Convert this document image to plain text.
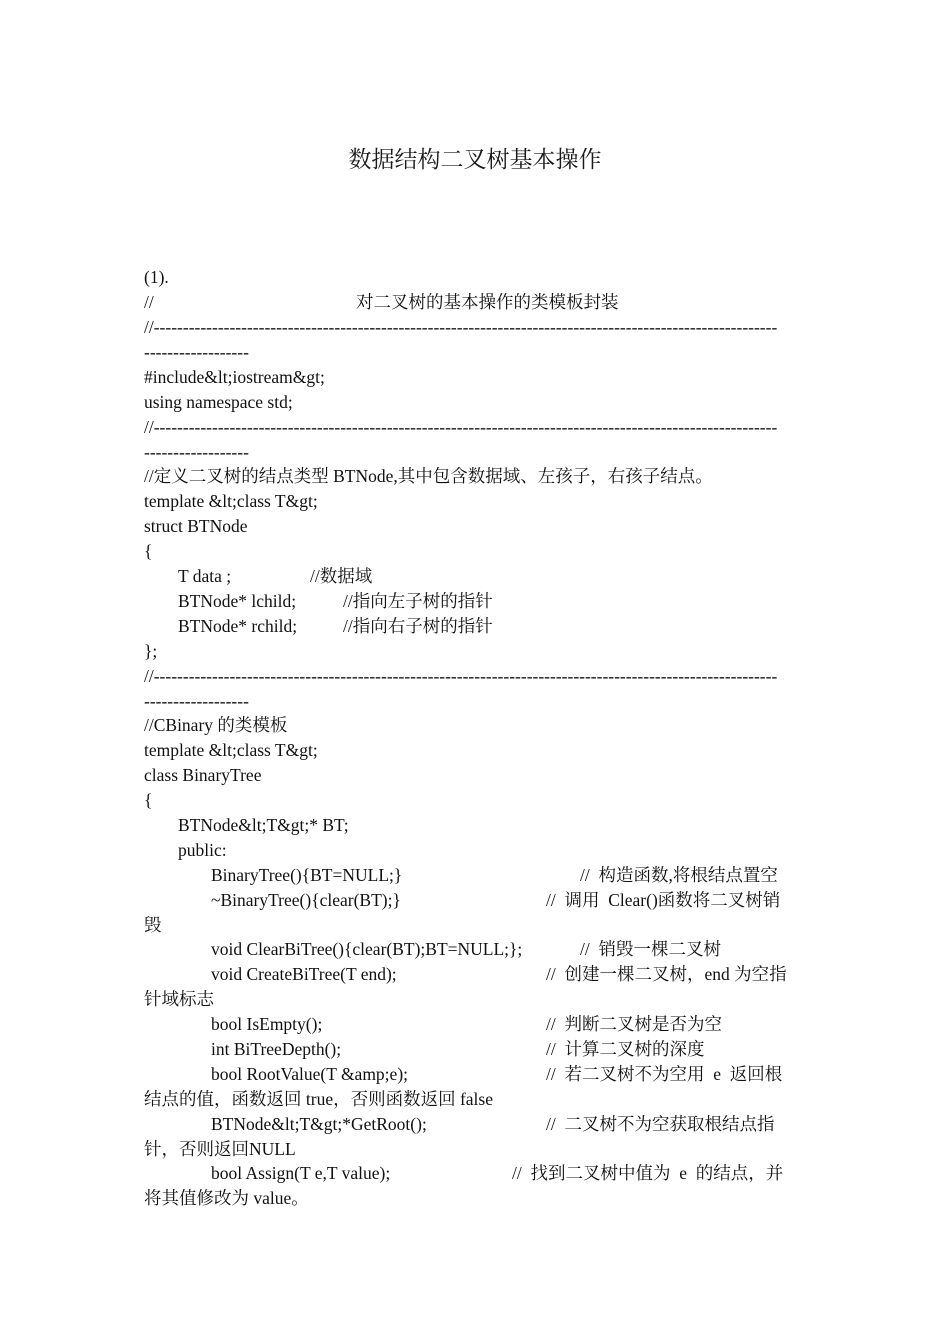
数据结构二叉树基本操作
(1).
//	对二叉树的基本操作的类模板封装
//-----------------------------------------------------------------------------------------------------------
------------------
#include&lt;iostream&gt;
using namespace std;
//-----------------------------------------------------------------------------------------------------------
------------------
//定义二叉树的结点类型 BTNode,其中包含数据域、左孩子，右孩子结点。
template &lt;class T&gt;
struct BTNode
{
T data ;	//数据域
BTNode* lchild;	//指向左子树的指针
BTNode* rchild;	//指向右子树的指针
};
//-----------------------------------------------------------------------------------------------------------
------------------
//CBinary 的类模板
template &lt;class T&gt;
class BinaryTree
{
BTNode&lt;T&gt;* BT;
public:
BinaryTree(){BT=NULL;}	//  构造函数,将根结点置空
~BinaryTree(){clear(BT);}	//  调用  Clear()函数将二叉树销
毁
void ClearBiTree(){clear(BT);BT=NULL;};	//  销毁一棵二叉树
void CreateBiTree(T end);	//  创建一棵二叉树，end 为空指
针域标志
bool IsEmpty();	//  判断二叉树是否为空
int BiTreeDepth();	//  计算二叉树的深度
bool RootValue(T &amp;e);	//  若二叉树不为空用  e  返回根
结点的值，函数返回 true，否则函数返回 false
BTNode&lt;T&gt;*GetRoot();	//  二叉树不为空获取根结点指
针，否则返回NULL
bool Assign(T e,T value);	//  找到二叉树中值为  e  的结点，并
将其值修改为 value。
